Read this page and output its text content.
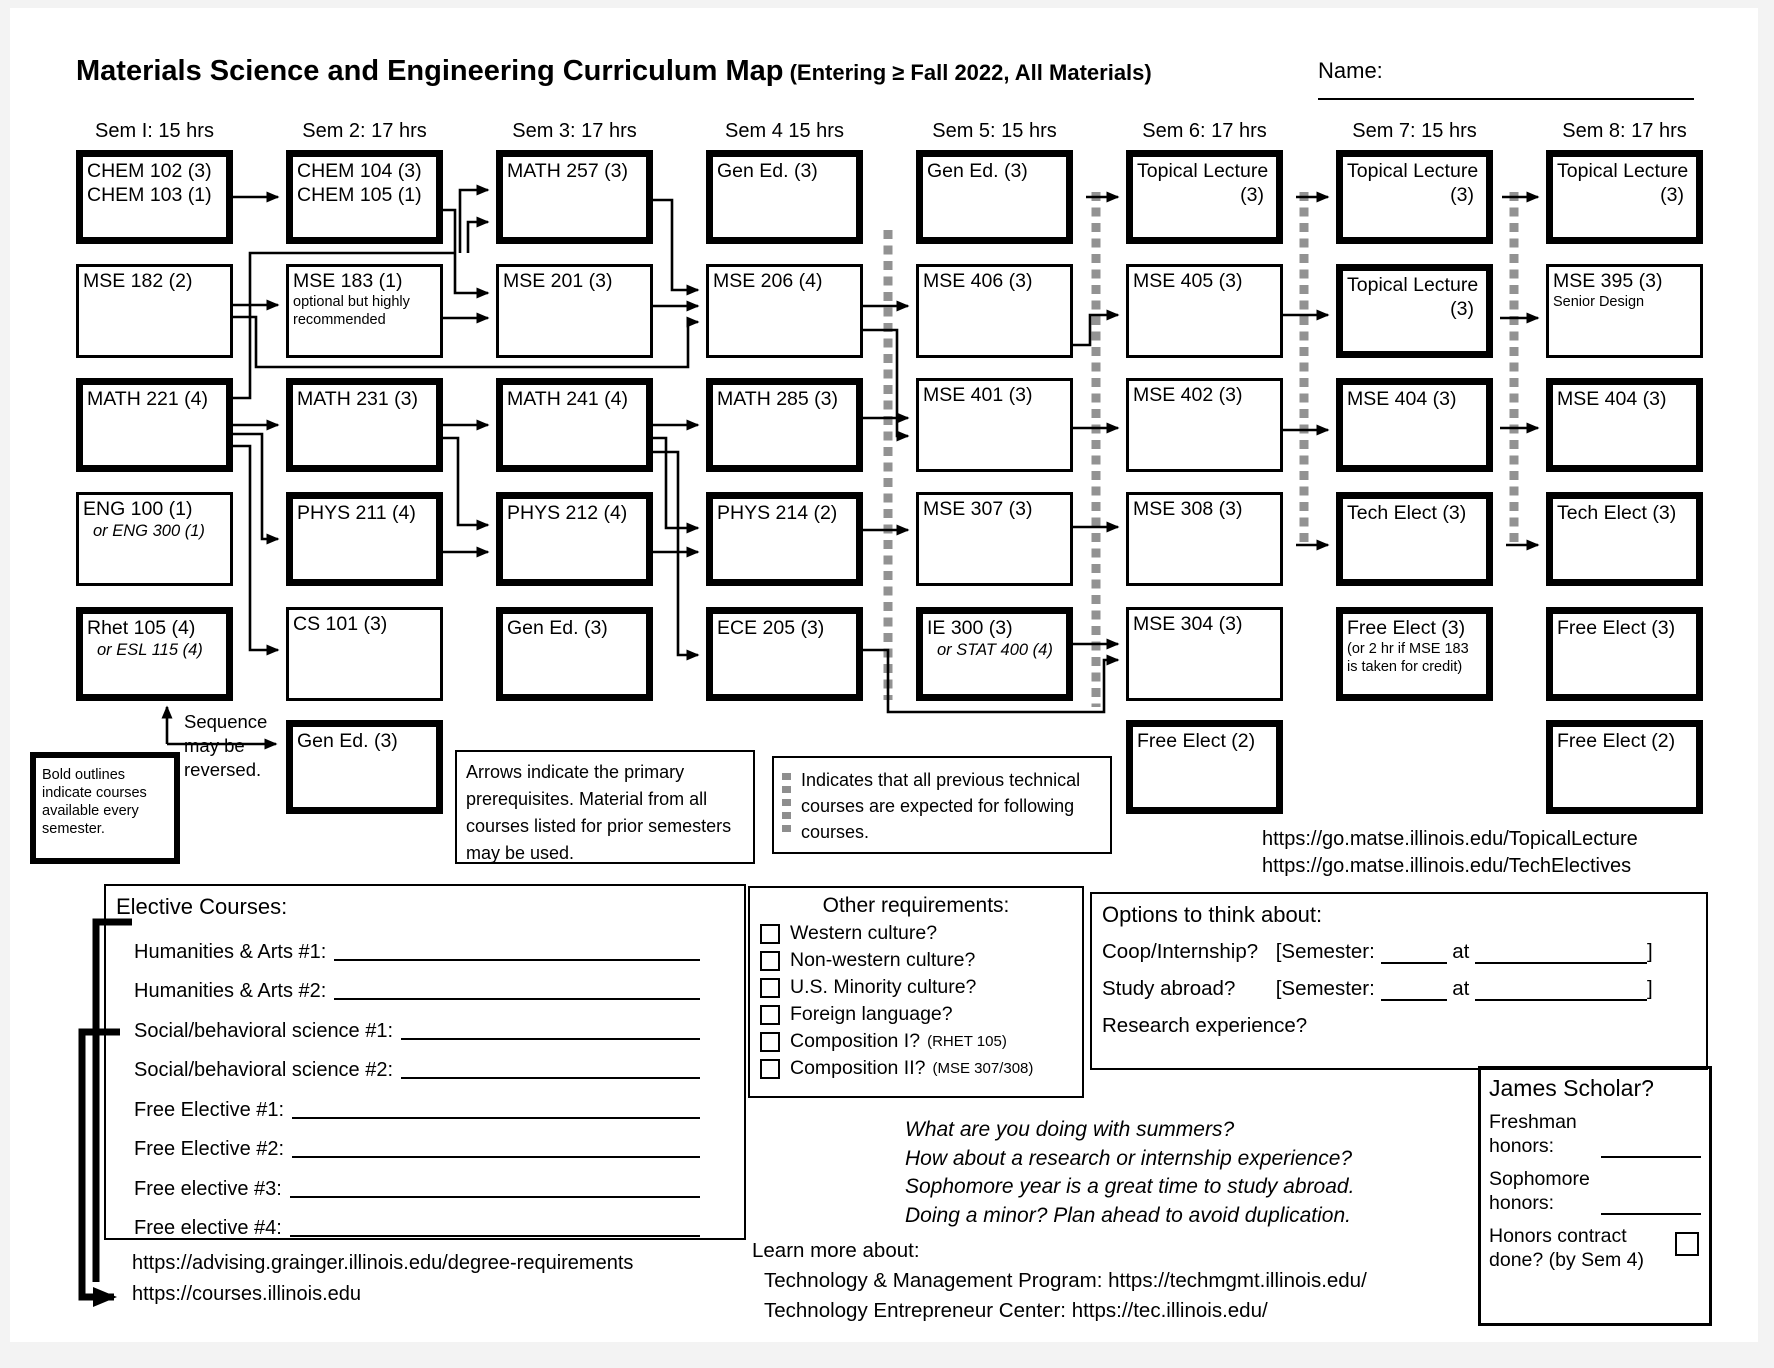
Materials Science and Engineering Curriculum Map (Entering ≥ Fall 2022, All Materials)	Name:
Sem I: 15 hrs
CHEM 102 (3)
CHEM 103 (1)
MSE 182 (2)
MATH 221 (4)
ENG 100 (1)
or ENG 300 (1)
Rhet 105 (4)
or ESL 115 (4)
Sem 2: 17 hrs
CHEM 104 (3)
CHEM 105 (1)
MSE 183 (1)
optional but highly
recommended
MATH 231 (3)
PHYS 211 (4)
CS 101 (3)
Gen Ed. (3)
Sem 3: 17 hrs
MATH 257 (3)
MSE 201 (3)
MATH 241 (4)
PHYS 212 (4)
Gen Ed. (3)
Sem 4 15 hrs
Gen Ed. (3)
MSE 206 (4)
MATH 285 (3)
PHYS 214 (2)
ECE 205 (3)
Sem 5: 15 hrs
Gen Ed. (3)
MSE 406 (3)
MSE 401 (3)
MSE 307 (3)
IE 300 (3)
or STAT 400 (4)
Sem 6: 17 hrs
Topical Lecture
(3)
MSE 405 (3)
MSE 402 (3)
MSE 308 (3)
MSE 304 (3)
Free Elect (2)
Sem 7: 15 hrs
Topical Lecture
(3)
Topical Lecture
(3)
MSE 404 (3)
Tech Elect (3)
Free Elect (3)
(or 2 hr if MSE 183
is taken for credit)
Sem 8: 17 hrs
Topical Lecture
(3)
MSE 395 (3)
Senior Design
MSE 404 (3)
Tech Elect (3)
Free Elect (3)
Free Elect (2)
Bold outlines indicate courses available every semester.
Sequence may be reversed.	Arrows indicate the primary prerequisites. Material from all courses listed for prior semesters may be used.
Indicates that all previous technical courses are expected for following courses.	https://go.matse.illinois.edu/TopicalLecture
https://go.matse.illinois.edu/TechElectives
Elective Courses:
Humanities & Arts #1:
Humanities & Arts #2:
Social/behavioral science #1:
Social/behavioral science #2:
Free Elective #1:
Free Elective #2:
Free elective #3:
Free elective #4:
https://advising.grainger.illinois.edu/degree-requirements
https://courses.illinois.edu
Other requirements:
Western culture?
Non-western culture?
U.S. Minority culture?
Foreign language?
Composition I? (RHET 105)
Composition II? (MSE 307/308)
Options to think about:
Coop/Internship? [Semester:	at	]
Study abroad? [Semester:	at	]
Research experience?
James Scholar?
Freshman
honors:
Sophomore
honors:
Honors contract done? (by Sem 4)
What are you doing with summers?
How about a research or internship experience?
Sophomore year is a great time to study abroad.
Doing a minor? Plan ahead to avoid duplication.
Learn more about:
Technology & Management Program: https://techmgmt.illinois.edu/
Technology Entrepreneur Center: https://tec.illinois.edu/
